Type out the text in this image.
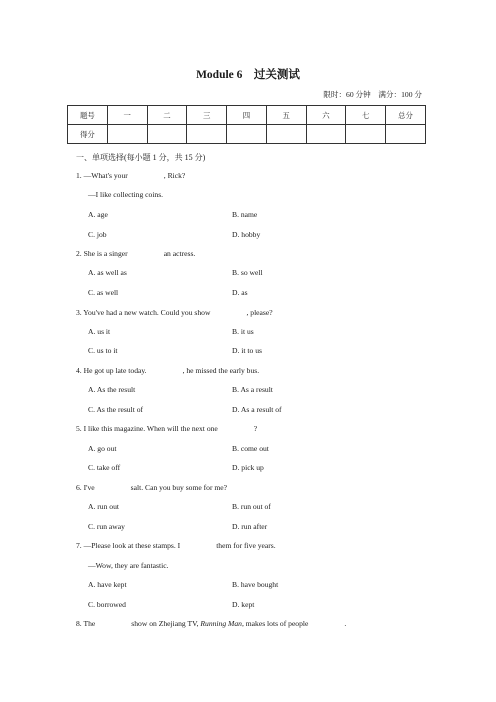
Module 6　过关测试
限时：60 分钟　满分：100 分
题号	一	二	三	四	五	六	七	总分
得分								
一、单项选择(每小题 1 分，共 15 分)
1. —What's your	, Rick?
—I like collecting coins.
A. age	B. name
C. job	D. hobby
2. She is a singer	an actress.
A. as well as	B. so well
C. as well	D. as
3. You've had a new watch. Could you show	, please?
A. us it	B. it us
C. us to it	D. it to us
4. He got up late today.	, he missed the early bus.
A. As the result	B. As a result
C. As the result of	D. As a result of
5. I like this magazine. When will the next one	?
A. go out	B. come out
C. take off	D. pick up
6. I've	salt. Can you buy some for me?
A. run out	B. run out of
C. run away	D. run after
7. —Please look at these stamps. I	them for five years.
—Wow, they are fantastic.
A. have kept	B. have bought
C. borrowed	D. kept
8. The	show on Zhejiang TV, Running Man, makes lots of people	.
